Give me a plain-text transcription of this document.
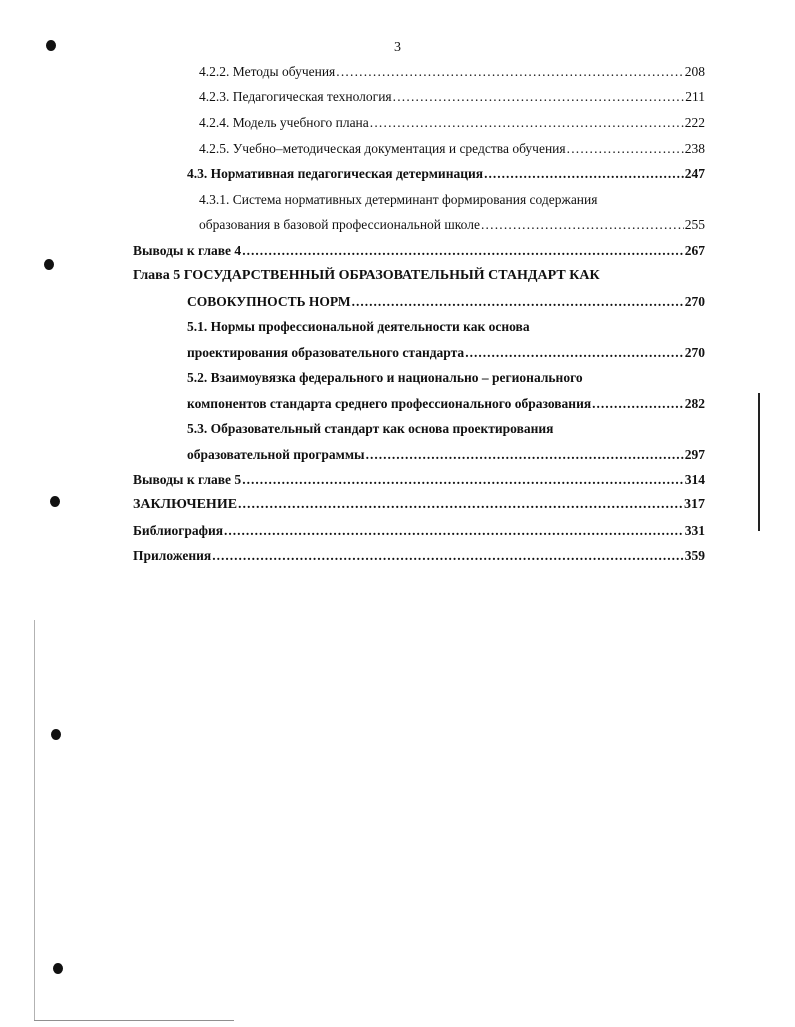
3
4.2.2. Методы обучения .....	208
4.2.3. Педагогическая технология .....	211
4.2.4. Модель учебного плана .....	222
4.2.5. Учебно–методическая документация и средства обучения .....	238
4.3. Нормативная педагогическая детерминация .....	247
4.3.1. Система нормативных детерминант формирования содержания
образования в базовой профессиональной школе .....	255
Выводы к главе 4 .....	267
Глава 5 ГОСУДАРСТВЕННЫЙ ОБРАЗОВАТЕЛЬНЫЙ СТАНДАРТ КАК
СОВОКУПНОСТЬ НОРМ .....	270
5.1. Нормы профессиональной деятельности как основа
проектирования образовательного стандарта .....	270
5.2. Взаимоувязка федерального и национально – регионального
компонентов стандарта среднего профессионального образования .....	282
5.3. Образовательный стандарт как основа проектирования
образовательной программы .....	297
Выводы к главе 5 .....	314
ЗАКЛЮЧЕНИЕ .....	317
Библиография .....	331
Приложения .....	359
